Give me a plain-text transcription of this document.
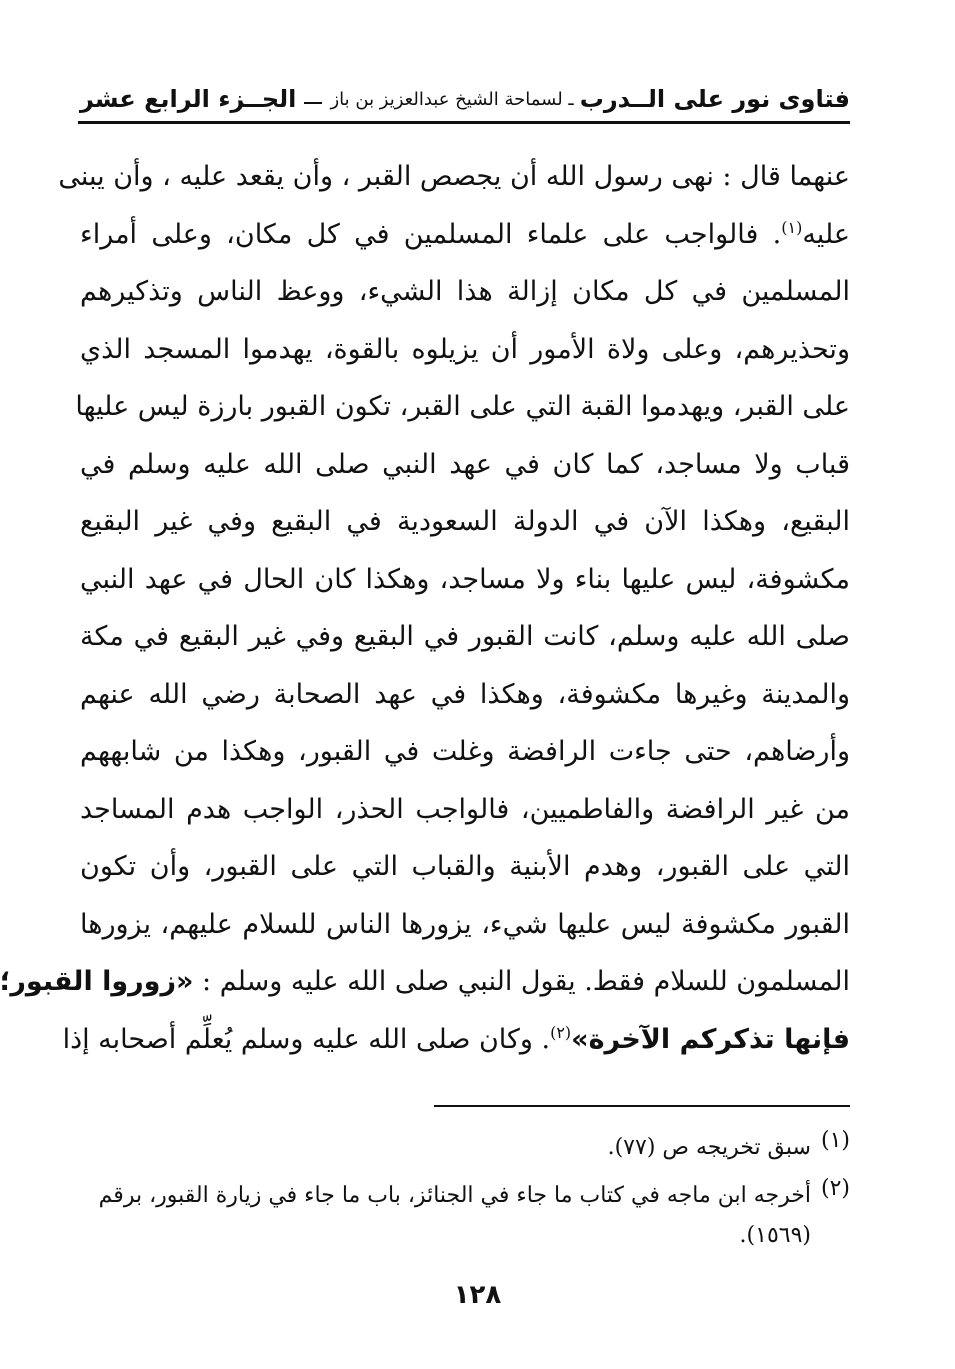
فتاوى نور على الــدرب
ـ لسماحة الشيخ عبدالعزيز بن باز
الجــزء الرابع عشر
عنهما قال : نهى رسول الله أن يجصص القبر ، وأن يقعد عليه ، وأن يبنى
عليه$^{(١)}$. فالواجب على علماء المسلمين في كل مكان، وعلى أمراء
المسلمين في كل مكان إزالة هذا الشيء، ووعظ الناس وتذكيرهم
وتحذيرهم، وعلى ولاة الأمور أن يزيلوه بالقوة، يهدموا المسجد الذي
على القبر، ويهدموا القبة التي على القبر، تكون القبور بارزة ليس عليها
قباب ولا مساجد، كما كان في عهد النبي صلى الله عليه وسلم في
البقيع، وهكذا الآن في الدولة السعودية في البقيع وفي غير البقيع
مكشوفة، ليس عليها بناء ولا مساجد، وهكذا كان الحال في عهد النبي
صلى الله عليه وسلم، كانت القبور في البقيع وفي غير البقيع في مكة
والمدينة وغيرها مكشوفة، وهكذا في عهد الصحابة رضي الله عنهم
وأرضاهم، حتى جاءت الرافضة وغلت في القبور، وهكذا من شابههم
من غير الرافضة والفاطميين، فالواجب الحذر، الواجب هدم المساجد
التي على القبور، وهدم الأبنية والقباب التي على القبور، وأن تكون
القبور مكشوفة ليس عليها شيء، يزورها الناس للسلام عليهم، يزورها
المسلمون للسلام فقط. يقول النبي صلى الله عليه وسلم : «زوروا القبور؛
فإنها تذكركم الآخرة»$^{(٢)}$. وكان صلى الله عليه وسلم يُعلِّم أصحابه إذا
(١)
سبق تخريجه ص (٧٧).
(٢)
أخرجه ابن ماجه في كتاب ما جاء في الجنائز، باب ما جاء في زيارة القبور، برقم (١٥٦٩).
١٢٨
